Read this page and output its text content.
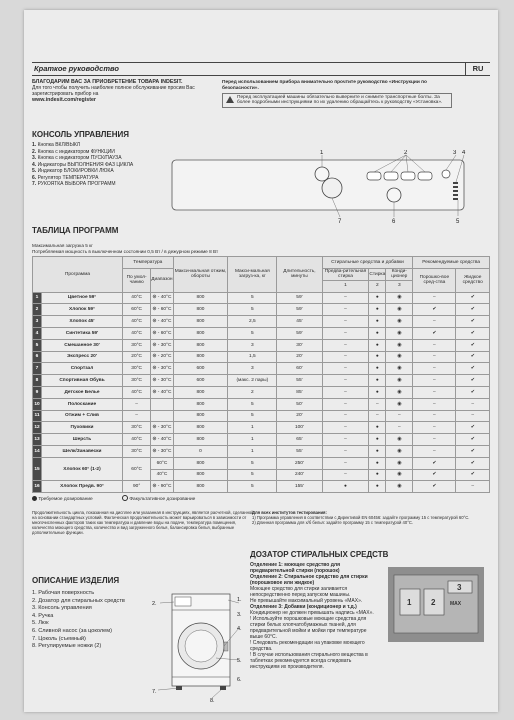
Краткое руководство	RU
БЛАГОДАРИМ ВАС ЗА ПРИОБРЕТЕНИЕ ТОВАРА INDESIT.
Для того чтобы получить наиболее полное обслуживание просим Вас зарегистрировать прибор на
www.indesit.com/register
Перед использованием прибора внимательно прочтите руководство «Инструкции по безопасности».
Перед эксплуатацией машины обязательно выверните и снимите транспортные болты. За более подробными инструкциями по их удалению обращайтесь к руководству «Установка».
КОНСОЛЬ УПРАВЛЕНИЯ
1. Кнопка ВКЛ/ВЫКЛ
2. Кнопка с индикатором ФУНКЦИИ
3. Кнопка с индикатором ПУСК/ПАУЗА
4. Индикаторы ВЫПОЛНЕНИЯ ФАЗ ЦИКЛА
5. Индикатор БЛОКИРОВКИ ЛЮКА
6. Регулятор ТЕМПЕРАТУРА
7. РУКОЯТКА ВЫБОРА ПРОГРАММ
1	2	3 4
5
6
7
ТАБЛИЦА ПРОГРАММ
Максимальная загрузка 5 кг
Потребляемая мощность в выключенном состоянии 0,5 Вт / в дежурном режиме 8 Вт
Программа		Температура		Макси-мальная отжим, обороты	Макси-мальная загруз-ка, кг	Длительность, минуты	Стиральные средства и добавки			Рекомендуемые средства	
		По умол-чанию	Диапазон				Предва-рительная стирка	Стирка	Конди-ционер	Порошко-вое сред-ства	Жидкое средство
							1	2	3		
1	Цветное 59°	40°C	⊛ - 40°C	800	5	59'	–	●	◉	–	✔
2	Хлопок 59°	60°C	⊛ - 60°C	800	5	59'	–	●	◉	✔	✔
3	Хлопок 45'	40°C	⊛ - 40°C	800	2,5	45'	–	●	◉	–	✔
4	Синтетика 59'	40°C	⊛ - 60°C	800	5	59'	–	●	◉	✔	✔
5	Смешанное 30'	30°C	⊛ - 30°C	800	3	30'	–	●	◉	–	✔
6	Экспресс 20'	20°C	⊛ - 20°C	800	1,5	20'	–	●	◉	–	✔
7	Спортзал	30°C	⊛ - 30°C	600	3	60'	–	●	◉	–	✔
8	Спортивная Обувь	30°C	⊛ - 30°C	600	(макс. 2 пары)	55'	–	●	◉	–	✔
9	Детское Белье	40°C	⊛ - 40°C	800	2	85'	–	●	◉	–	✔
10	Полоскание	–		800	5	50'	–	–	◉	–	–
11	Отжим + Слив	–		800	5	20'	–	–	–	–	–
12	Пуховики	30°C	⊛ - 30°C	800	1	100'	–	●	–	–	✔
13	Шерсть	40°C	⊛ - 40°C	800	1	65'	–	●	◉	–	✔
14	Шелк/Занавески	30°C	⊛ - 30°C	0	1	55'	–	●	◉	–	✔
15	Хлопок 60° (1-2)	60°C	60°C	800	5	250'	–	●	◉	✔	✔
			40°C	800	5	240'	–	●	◉	✔	✔
16	Хлопок Предв. 90°	90°	⊛ - 90°C	800	5	155'	●	●	◉	✔	–
Требуемое дозирование	Факультативное дозирование
Продолжительность цикла, показанная на дисплее или указанная в инструкциях, является расчетной, сделанной на основании стандартных условий. Фактическая продолжительность может варьироваться в зависимости от многочисленных факторов таких как температура и давление воды на подаче, температура помещения, количество моющего средства, количество и вид загруженного белья, балансировка белья, выбранные дополнительные функции.
Для всех институтов тестирования:
1) Программа управления в соответствии с Директивой ЕN 60456: задайте программу 15 с температурой 60°C.
2) Длинная программа для х/б белья: задайте программу 15 с температурой 40°C.
ОПИСАНИЕ ИЗДЕЛИЯ
1. Рабочая поверхность
2. Дозатор для стиральных средств
3. Консоль управления
4. Ручка
5. Люк
6. Сливной насос (за цоколем)
7. Цоколь (съемный)
8. Регулируемые ножки (2)
2.
1.
3.
4.
5.
6.
7.
8.
ДОЗАТОР СТИРАЛЬНЫХ СРЕДСТВ
Отделение 1: моющее средство для предварительной стирки (порошок)
Отделение 2: Стиральное средство для стирки (порошковое или жидкое)
Моющее средство для стирки заливается непосредственно перед запуском машины.
Не превышайте максимальный уровень «MAX».
Отделение 3: Добавки (кондиционер и т.д.)
Кондиционер не должен превышать надпись «MAX».
! Используйте порошковые моющие средства для стирки белых хлопчатобумажных тканей, для предварительной мойки и мойки при температуре выше 60°C.
! Следовать рекомендации на упаковке моющего средства.
! В случае использования стирального вещества в таблетках рекомендуется всегда следовать инструкциям их производителя.
1 2
3
MAX
